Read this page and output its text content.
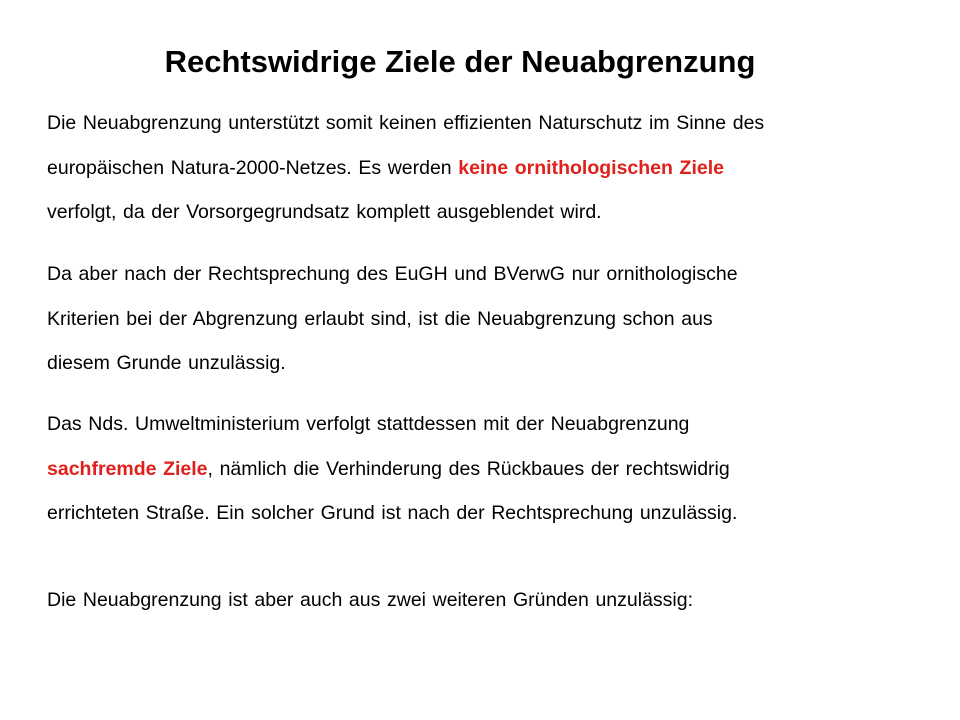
Rechtswidrige Ziele der Neuabgrenzung

Die Neuabgrenzung unterstützt somit keinen effizienten Naturschutz im Sinne des
europäischen Natura-2000-Netzes. Es werden keine ornithologischen Ziele
verfolgt, da der Vorsorgegrundsatz komplett ausgeblendet wird.

Da aber nach der Rechtsprechung des EuGH und BVerwG nur ornithologische
Kriterien bei der Abgrenzung erlaubt sind, ist die Neuabgrenzung schon aus
diesem Grunde unzulässig.

Das Nds. Umweltministerium verfolgt stattdessen mit der Neuabgrenzung
sachfremde Ziele, nämlich die Verhinderung des Rückbaues der rechtswidrig
errichteten Straße. Ein solcher Grund ist nach der Rechtsprechung unzulässig.

Die Neuabgrenzung ist aber auch aus zwei weiteren Gründen unzulässig:
